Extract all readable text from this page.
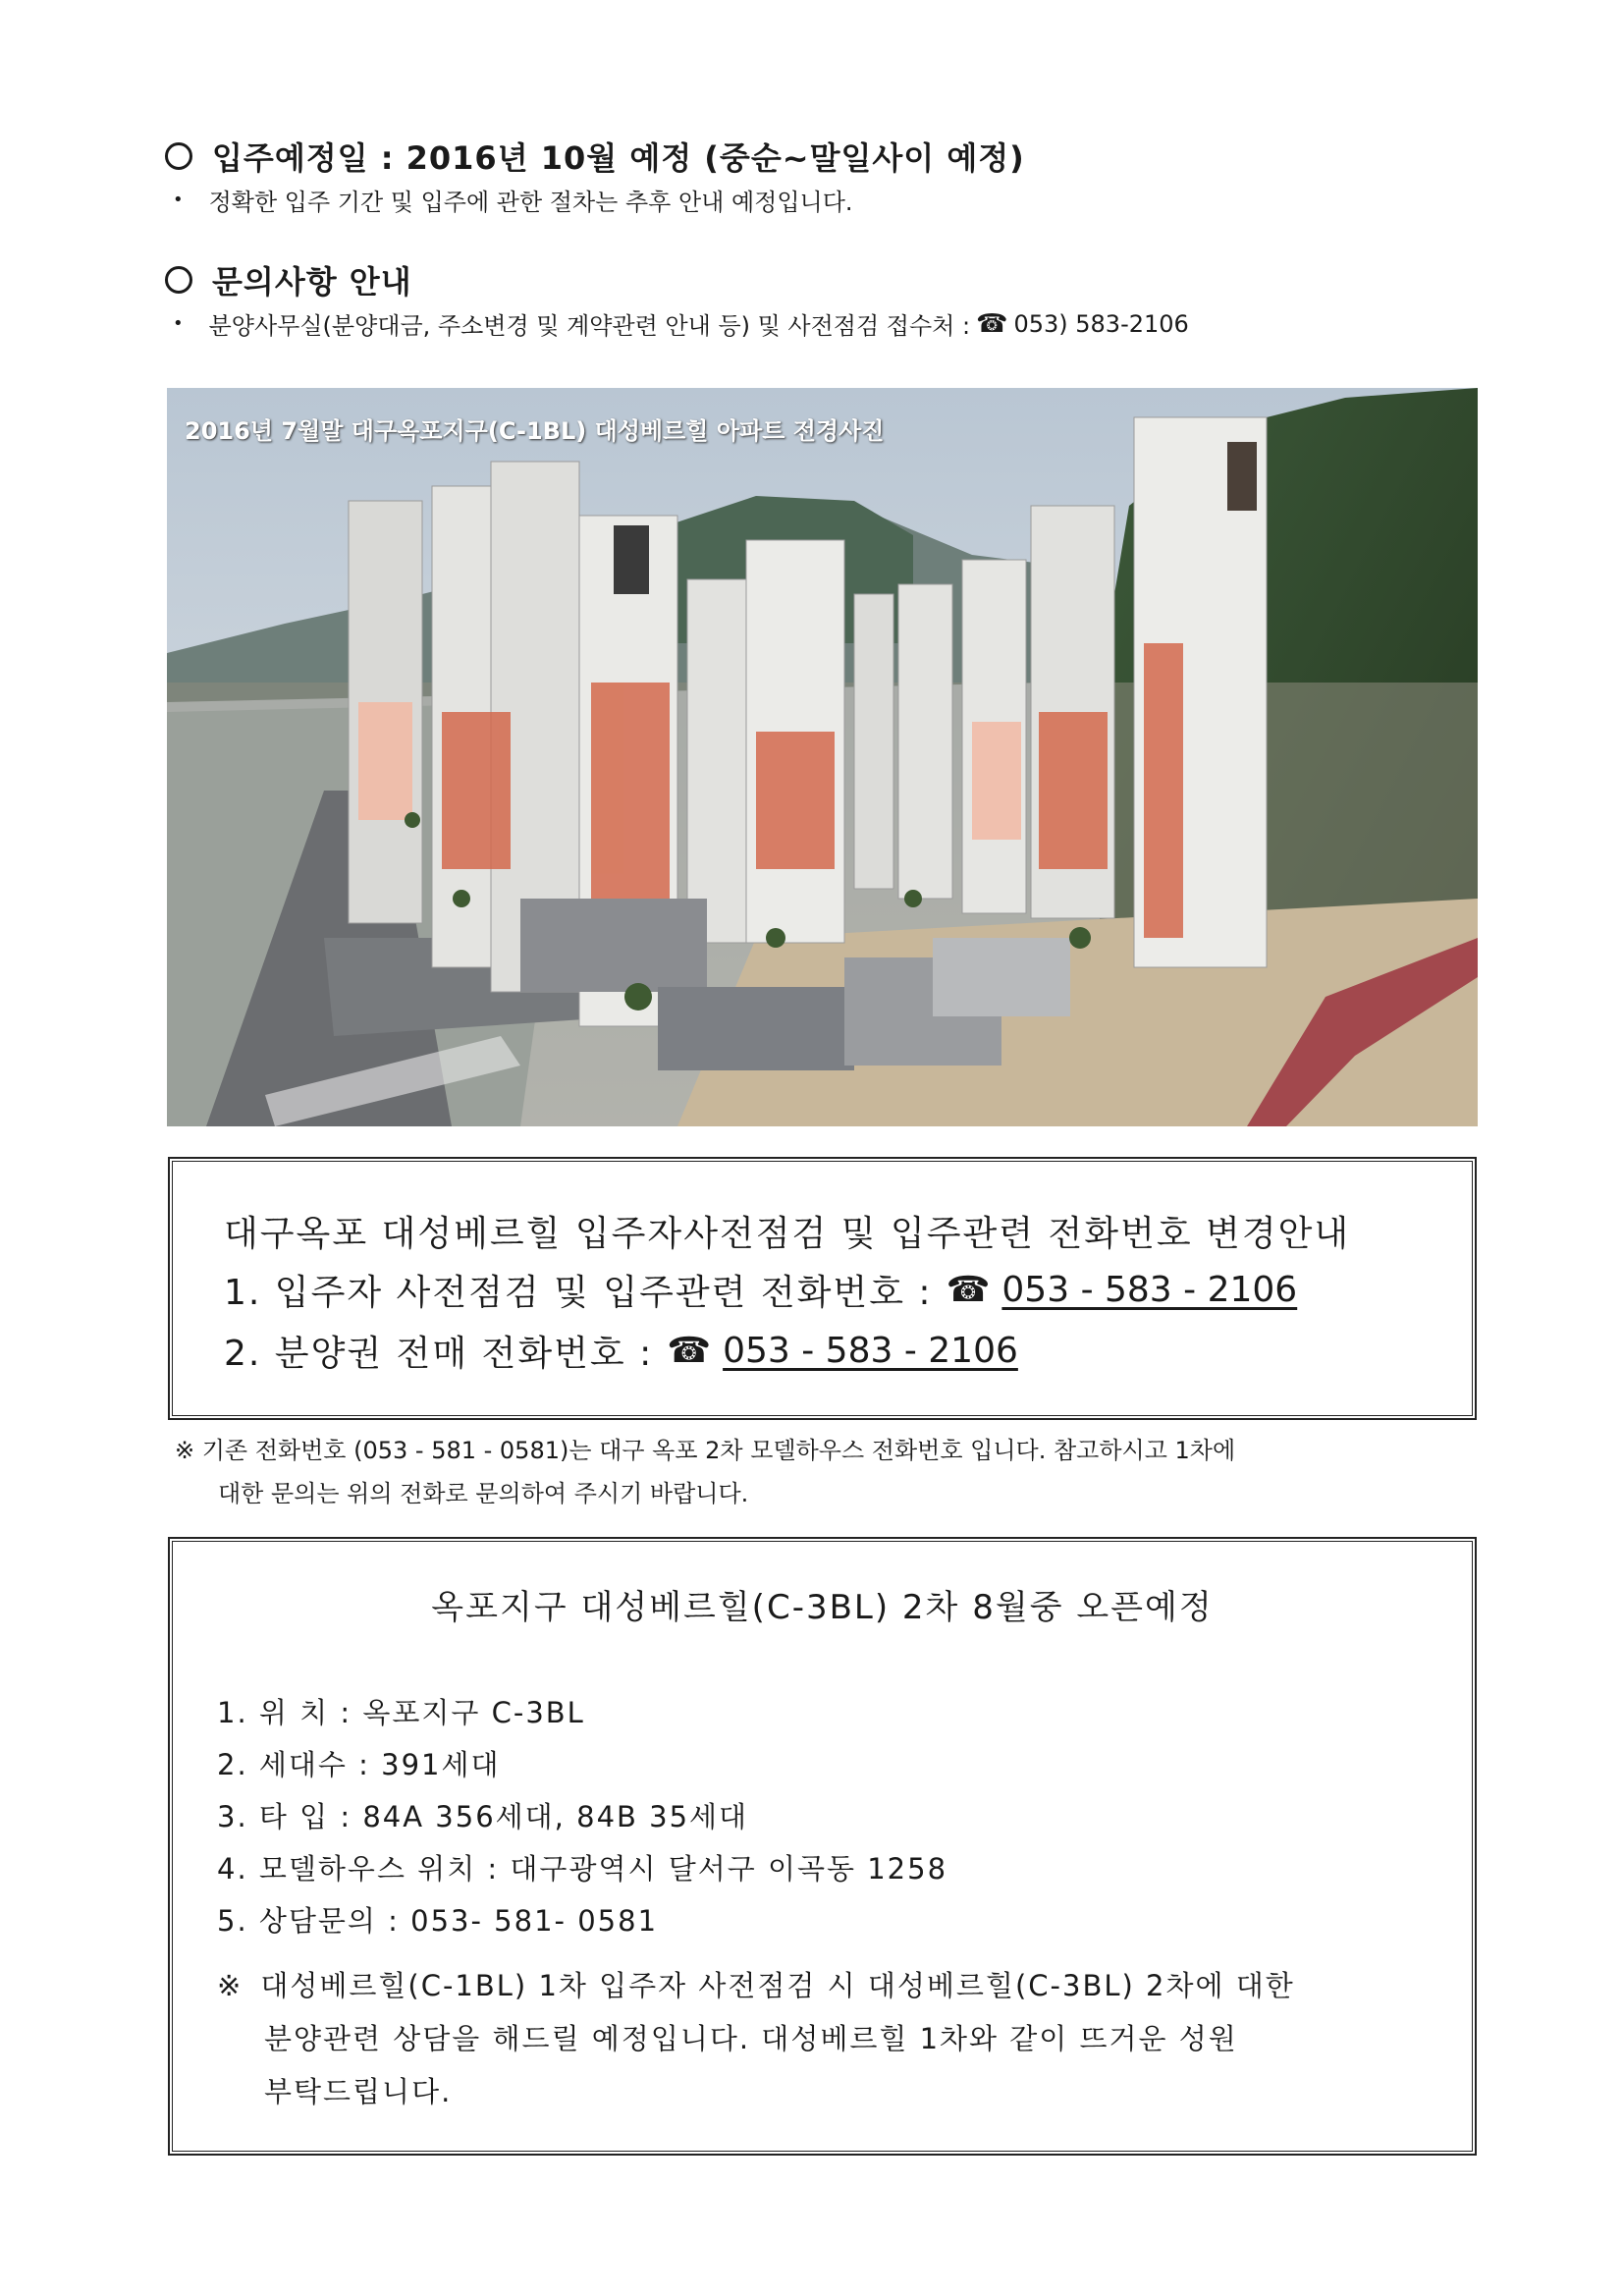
입주예정일 : 2016년 10월 예정 (중순~말일사이 예정)
• 정확한 입주 기간 및 입주에 관한 절차는 추후 안내 예정입니다.
문의사항 안내
• 분양사무실(분양대금, 주소변경 및 계약관련 안내 등) 및 사전점검 접수처 : ☎ 053) 583-2106
2016년 7월말 대구옥포지구(C-1BL) 대성베르힐 아파트 전경사진
대구옥포 대성베르힐 입주자사전점검 및 입주관련 전화번호 변경안내
1. 입주자 사전점검 및 입주관련 전화번호 : ☎ 053 - 583 - 2106
2. 분양권 전매 전화번호 : ☎ 053 - 583 - 2106
※ 기존 전화번호 (053 - 581 - 0581)는 대구 옥포 2차 모델하우스 전화번호 입니다. 참고하시고 1차에
대한 문의는 위의 전화로 문의하여 주시기 바랍니다.
옥포지구 대성베르힐(C-3BL) 2차 8월중 오픈예정
1. 위 치 : 옥포지구 C-3BL
2. 세대수 : 391세대
3. 타 입 : 84A 356세대, 84B 35세대
4. 모델하우스 위치 : 대구광역시 달서구 이곡동 1258
5. 상담문의 : 053- 581- 0581
※ 대성베르힐(C-1BL) 1차 입주자 사전점검 시 대성베르힐(C-3BL) 2차에 대한
분양관련 상담을 해드릴 예정입니다. 대성베르힐 1차와 같이 뜨거운 성원
부탁드립니다.
